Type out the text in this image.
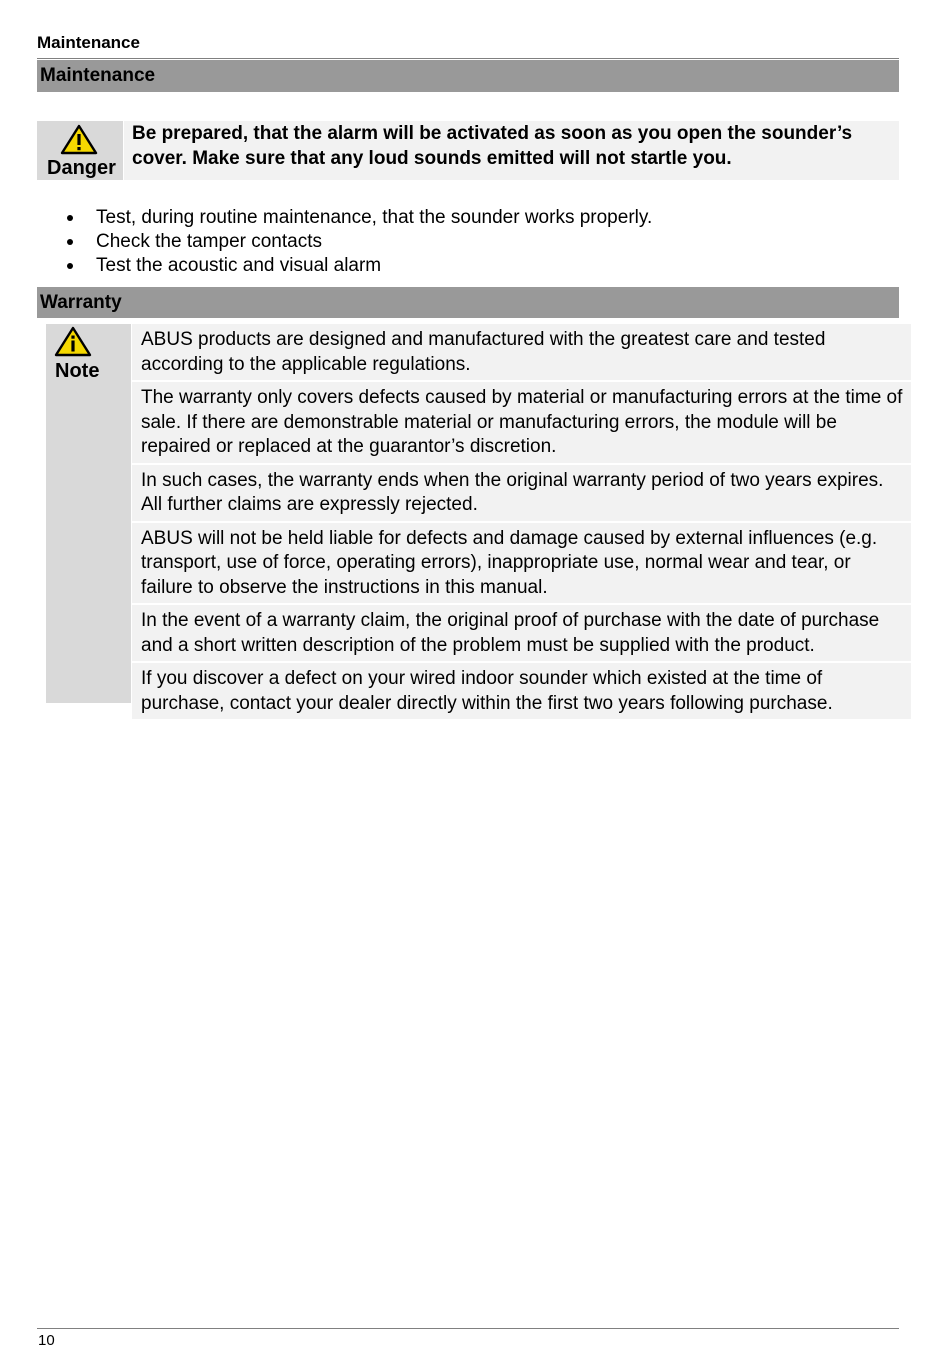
Maintenance
Maintenance
Danger
Be prepared, that the alarm will be activated as soon as you open the sounder’s cover. Make sure that any loud sounds emitted will not startle you.
Test, during routine maintenance, that the sounder works properly.
Check the tamper contacts
Test the acoustic and visual alarm
Warranty
Note
ABUS products are designed and manufactured with the greatest care and tested according to the applicable regulations.
The warranty only covers defects caused by material or manufacturing errors at the time of sale. If there are demonstrable material or manufacturing errors, the module will be repaired or replaced at the guarantor’s discretion.
In such cases, the warranty ends when the original warranty period of two years expires. All further claims are expressly rejected.
ABUS will not be held liable for defects and damage caused by external influences (e.g. transport, use of force, operating errors), inappropriate use, normal wear and tear, or failure to observe the instructions in this manual.
In the event of a warranty claim, the original proof of purchase with the date of purchase and a short written description of the problem must be supplied with the product.
If you discover a defect on your wired indoor sounder which existed at the time of purchase, contact your dealer directly within the first two years following purchase.
10
